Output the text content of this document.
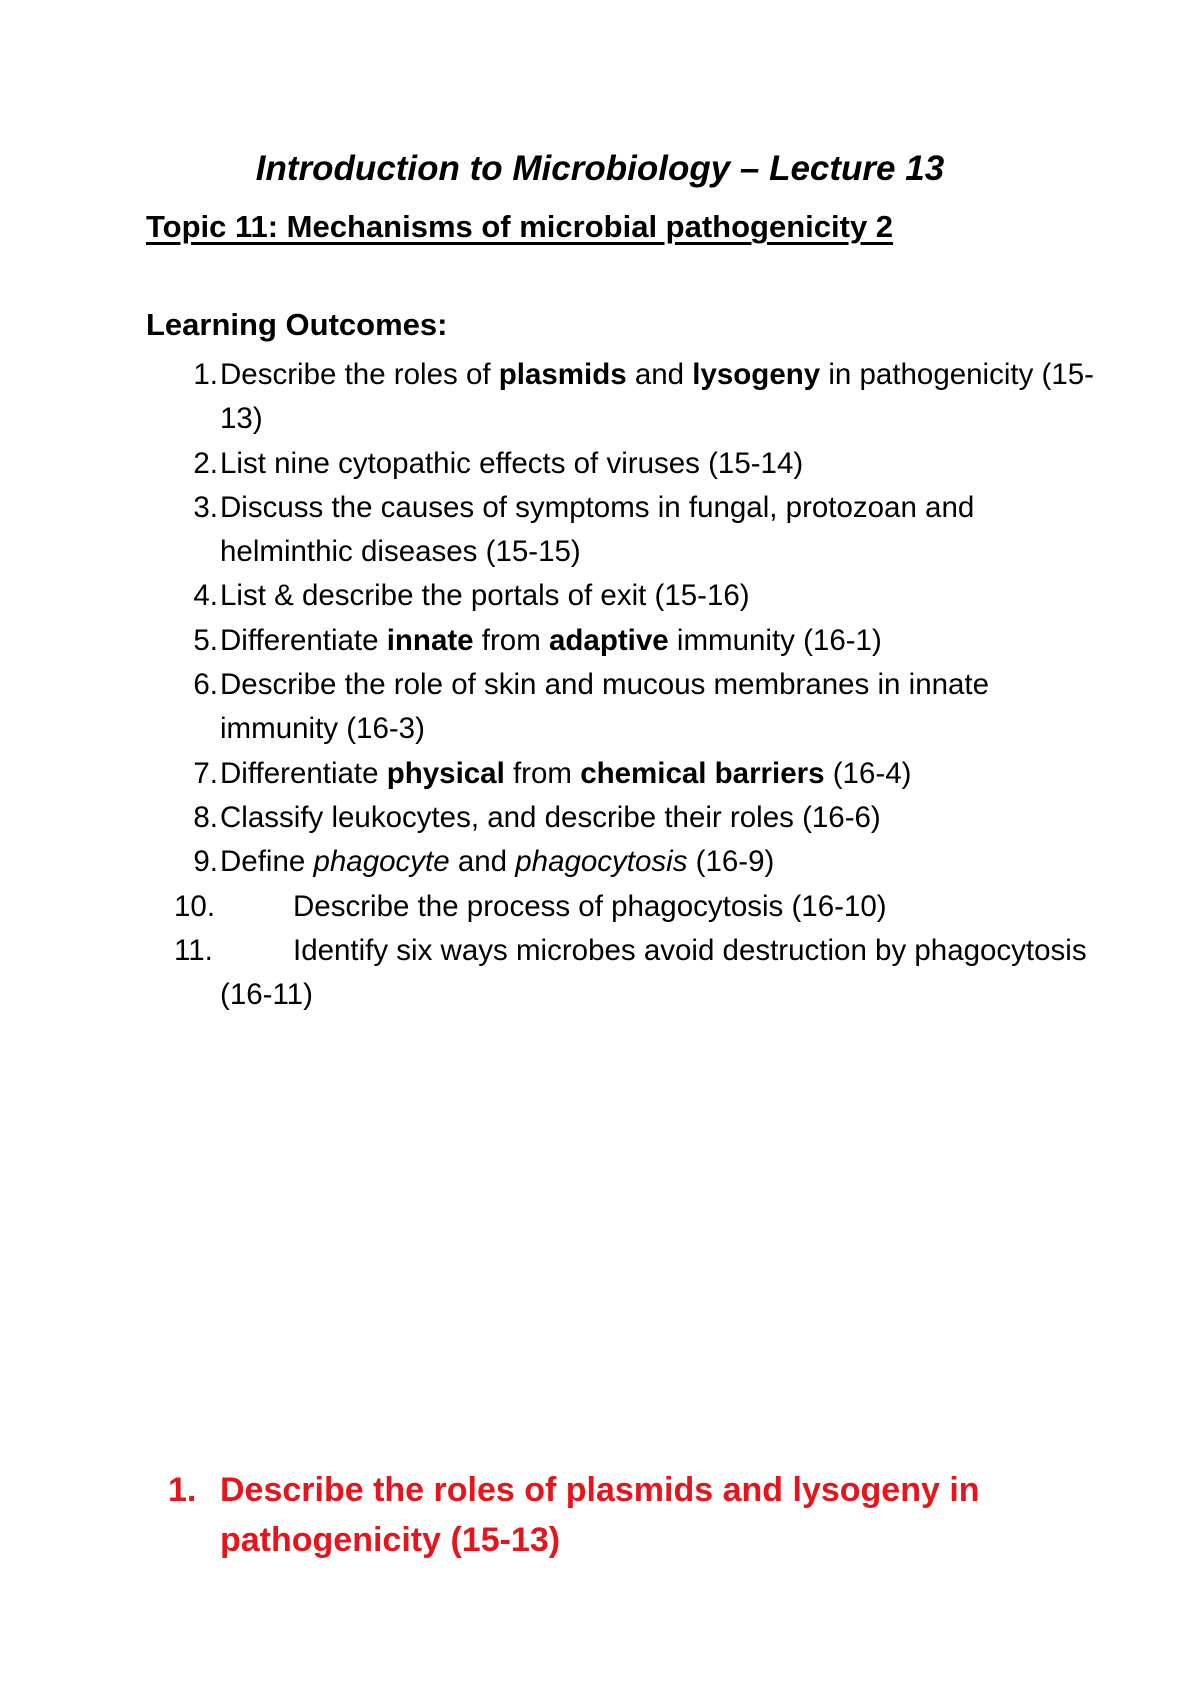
Introduction to Microbiology – Lecture 13
Topic 11: Mechanisms of microbial pathogenicity 2
Learning Outcomes:
1. Describe the roles of plasmids and lysogeny in pathogenicity (15-13)
2. List nine cytopathic effects of viruses (15-14)
3. Discuss the causes of symptoms in fungal, protozoan and helminthic diseases (15-15)
4. List & describe the portals of exit (15-16)
5. Differentiate innate from adaptive immunity (16-1)
6. Describe the role of skin and mucous membranes in innate immunity (16-3)
7. Differentiate physical from chemical barriers (16-4)
8. Classify leukocytes, and describe their roles (16-6)
9. Define phagocyte and phagocytosis (16-9)
10.	Describe the process of phagocytosis (16-10)
11.	Identify six ways microbes avoid destruction by phagocytosis (16-11)
1. Describe the roles of plasmids and lysogeny in pathogenicity (15-13)
